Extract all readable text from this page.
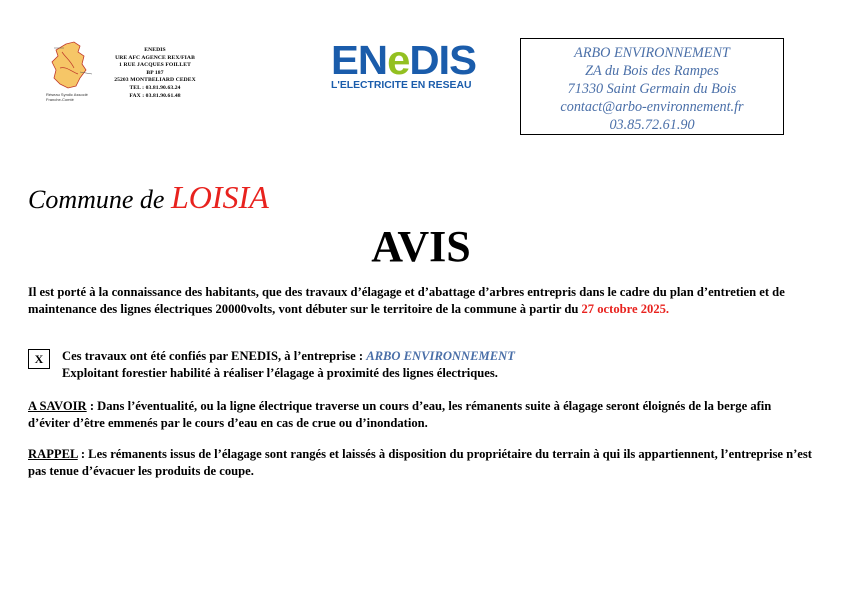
Réseau Syndic Associé Franche-Comté
ENEDIS
URE AFC AGENCE REX/FIAB
1 RUE JACQUES FOILLET
BP 187
25203 MONTBELIARD CEDEX
TEL : 03.81.90.63.24
FAX : 03.81.90.61.48
ENeDIS
L'ELECTRICITE EN RESEAU
ARBO ENVIRONNEMENT
ZA du Bois des Rampes
71330 Saint Germain du Bois
contact@arbo-environnement.fr
03.85.72.61.90
Commune de LOISIA
AVIS
Il est porté à la connaissance des habitants, que des travaux d’élagage et d’abattage d’arbres entrepris dans le cadre du plan d’entretien et de maintenance des lignes électriques 20000volts, vont débuter sur le territoire de la commune à partir du 27 octobre 2025.
X	Ces travaux ont été confiés par ENEDIS, à l’entreprise : ARBO ENVIRONNEMENT
Exploitant forestier habilité à réaliser l’élagage à proximité des lignes électriques.
A SAVOIR : Dans l’éventualité, ou la ligne électrique traverse un cours d’eau, les rémanents suite à élagage seront éloignés de la berge afin d’éviter d’être emmenés par le cours d’eau en cas de crue ou d’inondation.
RAPPEL : Les rémanents issus de l’élagage sont rangés et laissés à disposition du propriétaire du terrain à qui ils appartiennent, l’entreprise n’est pas tenue d’évacuer les produits de coupe.
